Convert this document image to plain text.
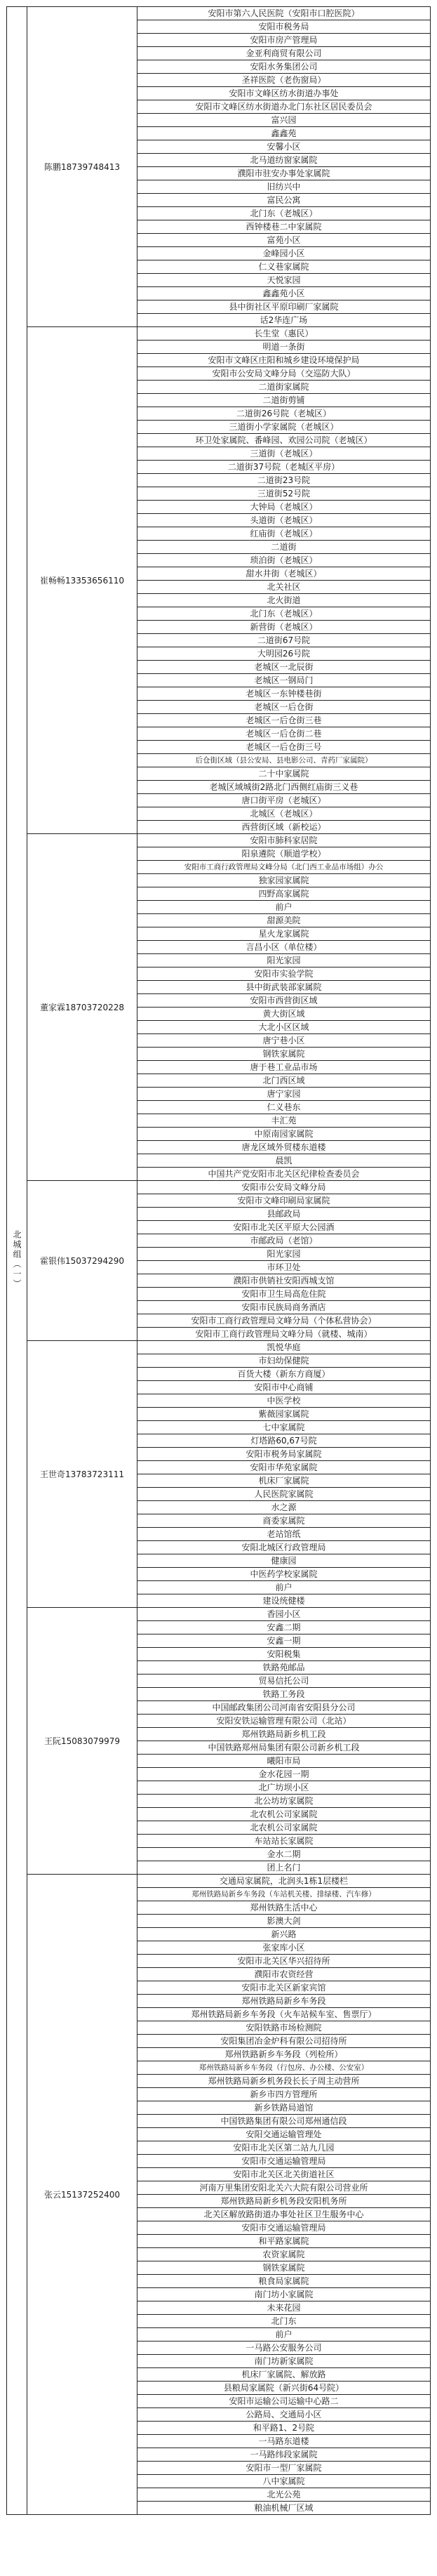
北城组（一）	陈鹏18739748413	安阳市第六人民医院（安阳市口腔医院）
		安阳市税务局
		安阳市房产管理局
		金亚利商贸有限公司
		安阳水务集团公司
		圣祥医院（老伤窗局）
		安阳市文峰区纺水街道办事处
		安阳市文峰区纺水街道办北门东社区居民委员会
		富兴园
		鑫鑫苑
		安馨小区
		北马道纺窗家属院
		濮阳市驻安办事处家属院
		旧纺兴中
		富民公寓
		北门东（老城区）
		西钟楼巷二中家属院
		富苑小区
		金峰园小区
		仁义巷家属院
		天悦家园
		鑫鑫苑小区
		县中街社区平原印刷厂家属院
		话2华连广场
	崔畅畅13353656110	长生堂（惠民）
		明道一条街
		安阳市文峰区庄阳和城乡建设环境保护局
		安阳市公安局文峰分局（交巡防大队）
		二道街家属院
		二道街剪铺
		二道街26号院（老城区）
		三道街小学家属院（老城区）
		环卫处家属院、番峰园、欢园公司院（老城区）
		三道街（老城区）
		二道街37号院（老城区平房）
		二道街23号院
		三道街52号院
		大钟局（老城区）
		头道街（老城区）
		红庙街（老城区）
		二道街
		琐泊街（老城区）
		甜水井街（老城区）
		北关社区
		北火街道
		北门东（老城区）
		新营街（老城区）
		二道街67号院
		大明园26号院
		老城区一北辰街
		老城区一钢局门
		老城区一东钟楼巷街
		老城区一后仓街
		老城区一后仓街三巷
		老城区一后仓街二巷
		老城区一后仓街三号
		后仓街区域（县公安局、县电影公司、青药厂家属院）
		二十中家属院
		老城区域城街2路北门西侧红庙街三义巷
		唐口街平房（老城区）
		北城区（老城区）
		西营街区域（新校运）
	董家霖18703720228	安阳市肺科家居院
		阳泉遴院（顺道学校）
		安阳市工商行政管理局文峰分局（北门西工业品市场组）办公
		独家园家属院
		四野高家属院
		前户
		甜源美院
		星火龙家属院
		言昌小区（单位楼）
		阳光家园
		安阳市实验学院
		县中街武装部家属院
		安阳市西营街区域
		黄大街区域
		大北小区区域
		唐宁巷小区
		钢铁家属院
		唐于巷工业品市场
		北门西区域
		唐宁家园
		仁义巷东
		丰汇苑
		中原南园家属院
		唐龙区域外贸楼东道楼
		晨凯
		中国共产党安阳市北关区纪律检查委员会
	霍银伟15037294290	安阳市公安局文峰分局
		安阳市文峰印刷局家属院
		县邮政局
		安阳市北关区平原大公园酒
		市邮政局（老馆）
		阳光家园
		市环卫处
		濮阳市供销社安阳西城支馆
		安阳市卫生局高危住院
		安阳市民族局商务酒店
		安阳市工商行政管理局文峰分局（个体私营协会）
		安阳市工商行政管理局文峰分局（就楼、城南）
	王世奇13783723111	凯悦华庭
		市妇幼保健院
		百货大楼（新东方商厦）
		安阳市中心商铺
		中医学校
		紫薇园家属院
		七中家属院
		灯塔路60,67号院
		安阳市税务局家属院
		安阳市华苑家属院
		机床厂家属院
		人民医院家属院
		水之源
		商委家属院
		老站馆纸
		安阳北城区行政管理局
		健康园
		中医药学校家属院
		前户
		建设统健楼
	王阮15083079979	香园小区
		安鑫二期
		安鑫一期
		安阳税集
		铁路苑邮品
		贸易信托公司
		铁路工务段
		中国邮政集团公司河南省安阳县分公司
		安阳安铁运输管理有限公司（北站）
		郑州铁路局新乡机工段
		中国铁路郑州局集团有限公司新乡机工段
		曦阳市局
		金水花园一期
		北广坊坝小区
		北公坊坊家属院
		北农机公司家属院
		北农机公司家属院
		车站站长家属院
		金水二期
		团上名门
	张云15137252400	交通局家属院，北润头1栋1层楼栏
		郑州铁路局新乡车务段（车站机关楼、排绿楼、汽车修）
		郑州铁路生活中心
		影澳大剑
		新兴路
		张家库小区
		安阳市北关区华兴招待所
		濮阳市农资经营
		安阳市北关区新家宾馆
		郑州铁路局新乡车务段
		郑州铁路局新乡车务段（火车站候车室、售票厅）
		安阳铁路市场检测院
		安阳集团冶金炉科有限公司招待所
		郑州铁路新乡车务段（列检所）
		郑州铁路局新乡车务段（行包房、办公楼、公安室）
		郑州铁路局新乡机务段长长子周主动营所
		新乡市四方管理所
		新乡铁路局道馆
		中国铁路集团有限公司郑州通信段
		安阳交通运输管理处
		安阳市北关区第二站九几园
		安阳市交通运输管理局
		安阳市北关区北关街道社区
		河南万里集团安阳北关六大院有限公司营业所
		郑州铁路局新乡机务段安阳机务所
		北关区解放路街道办事处社区卫生服务中心
		安阳市交通运输管理局
		和平路家属院
		农资家属院
		钢铁家属院
		粮食局家属院
		南门坊小家属院
		未来花园
		北门东
		前户
		一马路公安服务公司
		南门坊新家属院
		机床厂家属院、解放路
		县粮局家属院（新兴街64号院）
		安阳市运输公司运输中心路二
		公路局、交通局小区
		和平路1、2号院
		一马路东道楼
		一马路纬段家属院
		安阳市一型厂家属院
		八中家属院
		北光公苑
		粮油机械厂区域
